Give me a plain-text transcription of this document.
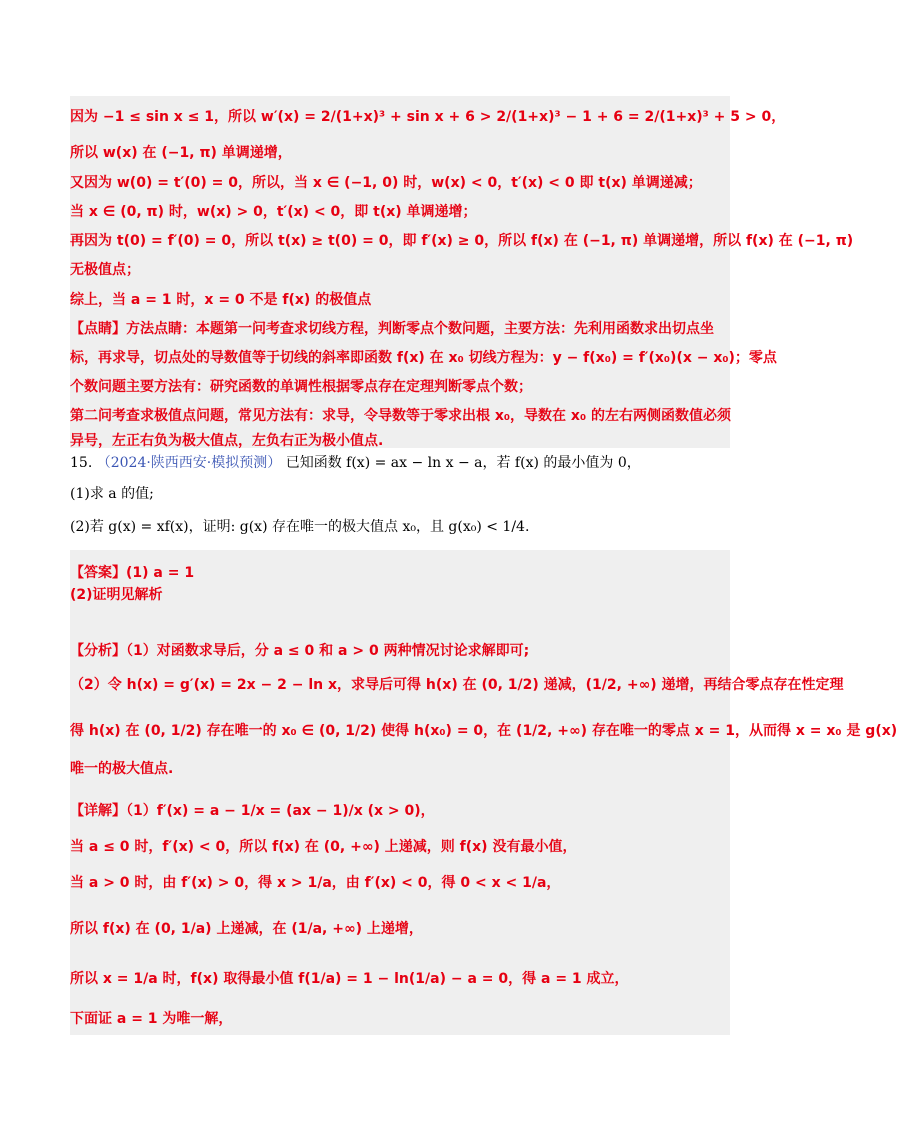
因为 −1 ≤ sin x ≤ 1，所以 w′(x) = 2/(1+x)³ + sin x + 6 > 2/(1+x)³ − 1 + 6 = 2/(1+x)³ + 5 > 0，
所以 w(x) 在 (−1, π) 单调递增，
又因为 w(0) = t′(0) = 0，所以，当 x ∈ (−1, 0) 时，w(x) < 0，t′(x) < 0 即 t(x) 单调递减；
当 x ∈ (0, π) 时，w(x) > 0，t′(x) < 0，即 t(x) 单调递增；
再因为 t(0) = f′(0) = 0，所以 t(x) ≥ t(0) = 0，即 f′(x) ≥ 0，所以 f(x) 在 (−1, π) 单调递增，所以 f(x) 在 (−1, π)
无极值点；
综上，当 a = 1 时，x = 0 不是 f(x) 的极值点
【点睛】方法点睛：本题第一问考查求切线方程，判断零点个数问题，主要方法：先利用函数求出切点坐
标，再求导，切点处的导数值等于切线的斜率即函数 f(x) 在 x₀ 切线方程为：y − f(x₀) = f′(x₀)(x − x₀)；零点
个数问题主要方法有：研究函数的单调性根据零点存在定理判断零点个数；
第二问考查求极值点问题，常见方法有：求导，令导数等于零求出根 x₀，导数在 x₀ 的左右两侧函数值必须
异号，左正右负为极大值点，左负右正为极小值点.
15. （2024·陕西西安·模拟预测） 已知函数 f(x) = ax − ln x − a，若 f(x) 的最小值为 0，
(1)求 a 的值;
(2)若 g(x) = xf(x)，证明: g(x) 存在唯一的极大值点 x₀，且 g(x₀) < 1/4.
【答案】(1) a = 1
(2)证明见解析
【分析】（1）对函数求导后，分 a ≤ 0 和 a > 0 两种情况讨论求解即可;
（2）令 h(x) = g′(x) = 2x − 2 − ln x，求导后可得 h(x) 在 (0, 1/2) 递减，(1/2, +∞) 递增，再结合零点存在性定理
得 h(x) 在 (0, 1/2) 存在唯一的 x₀ ∈ (0, 1/2) 使得 h(x₀) = 0，在 (1/2, +∞) 存在唯一的零点 x = 1，从而得 x = x₀ 是 g(x)
唯一的极大值点.
【详解】（1）f′(x) = a − 1/x = (ax − 1)/x (x > 0)，
当 a ≤ 0 时，f′(x) < 0，所以 f(x) 在 (0, +∞) 上递减，则 f(x) 没有最小值，
当 a > 0 时，由 f′(x) > 0，得 x > 1/a，由 f′(x) < 0，得 0 < x < 1/a，
所以 f(x) 在 (0, 1/a) 上递减，在 (1/a, +∞) 上递增，
所以 x = 1/a 时，f(x) 取得最小值 f(1/a) = 1 − ln(1/a) − a = 0，得 a = 1 成立，
下面证 a = 1 为唯一解，
